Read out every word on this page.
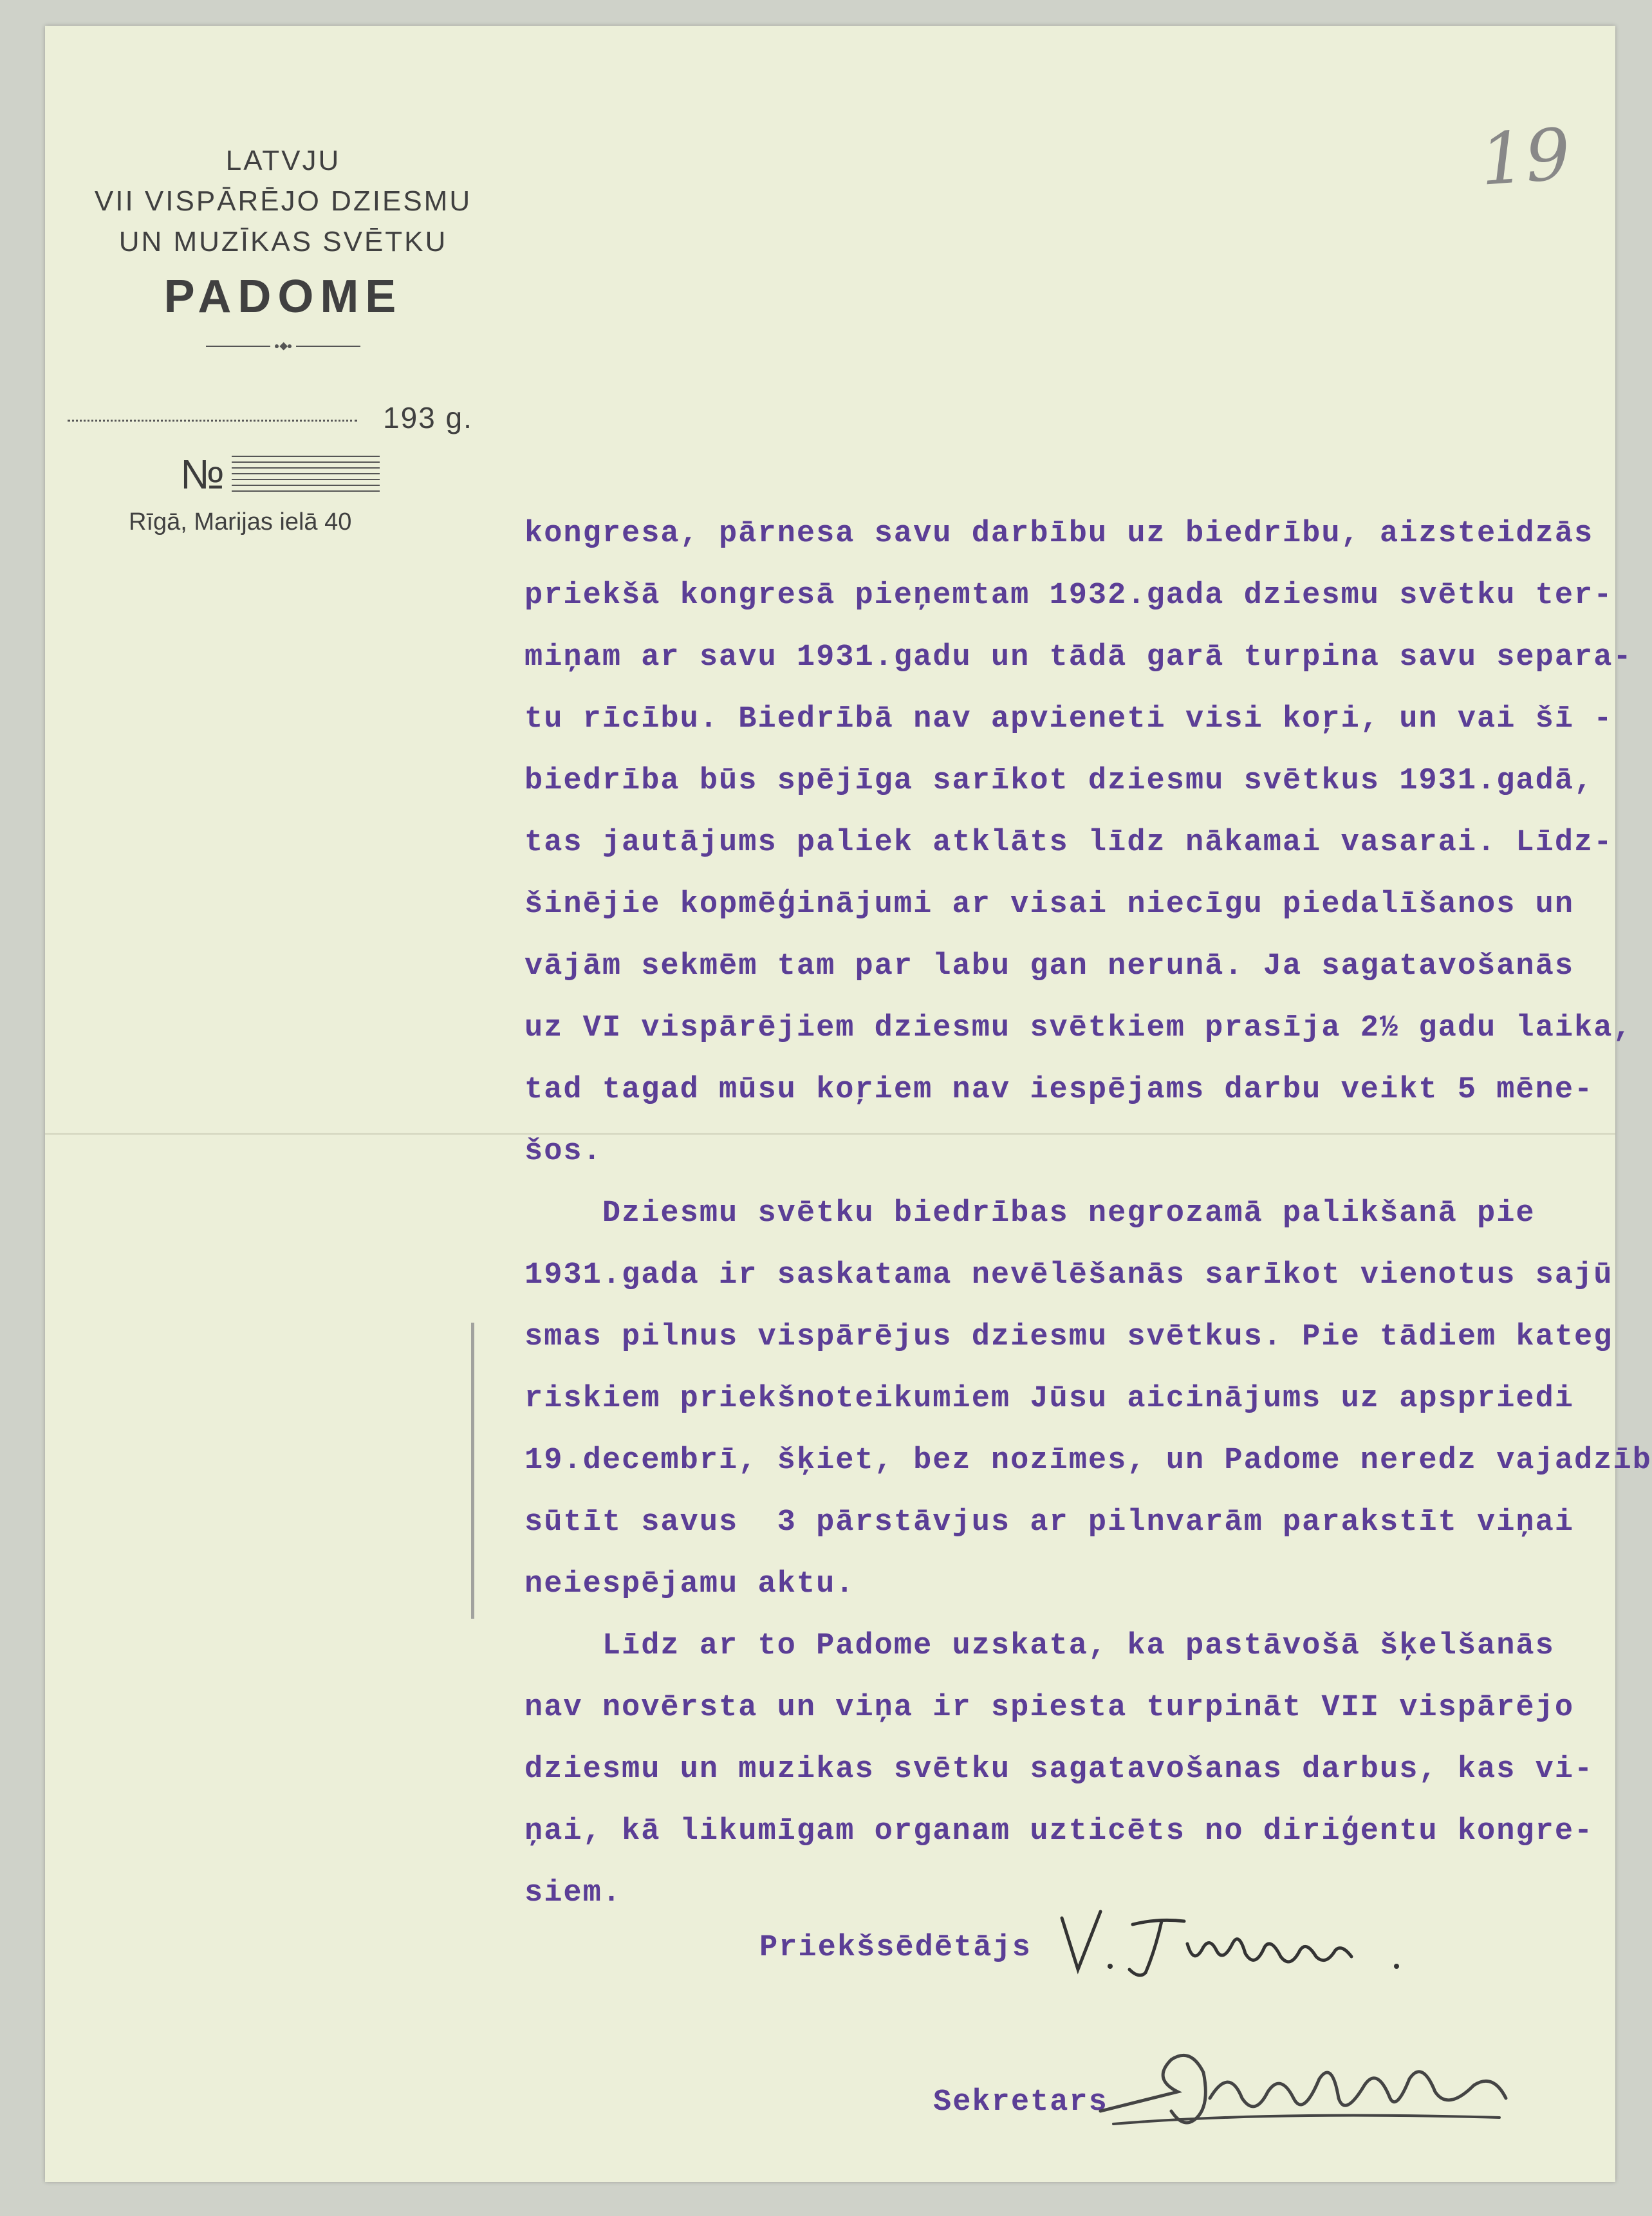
LATVJU
VII VISPĀRĒJO DZIESMU
UN MUZĪKAS SVĒTKU
PADOME
193 g.
№
Rīgā, Marijas ielā 40
19
kongresa, pārnesa savu darbību uz biedrību, aizsteidzās
priekšā kongresā pieņemtam 1932.gada dziesmu svētku ter-
miņam ar savu 1931.gadu un tādā garā turpina savu separa-
tu rīcību. Biedrībā nav apvieneti visi koŗi, un vai šī -
biedrība būs spējīga sarīkot dziesmu svētkus 1931.gadā,
tas jautājums paliek atklāts līdz nākamai vasarai. Līdz-
šinējie kopmēģinājumi ar visai niecīgu piedalīšanos un
vājām sekmēm tam par labu gan nerunā. Ja sagatavošanās
uz VI vispārējiem dziesmu svētkiem prasīja 2½ gadu laika,
tad tagad mūsu koŗiem nav iespējams darbu veikt 5 mēne-
šos.
Dziesmu svētku biedrības negrozamā palikšanā pie
1931.gada ir saskatama nevēlēšanās sarīkot vienotus sajū
smas pilnus vispārējus dziesmu svētkus. Pie tādiem kateg
riskiem priekšnoteikumiem Jūsu aicinājums uz apspriedi
19.decembrī, šķiet, bez nozīmes, un Padome neredz vajadzīb
sūtīt savus  3 pārstāvjus ar pilnvarām parakstīt viņai
neiespējamu aktu.
Līdz ar to Padome uzskata, ka pastāvošā šķelšanās
nav novērsta un viņa ir spiesta turpināt VII vispārējo
dziesmu un muzikas svētku sagatavošanas darbus, kas vi-
ņai, kā likumīgam organam uzticēts no diriģentu kongre-
siem.
Priekšsēdētājs
Sekretars
